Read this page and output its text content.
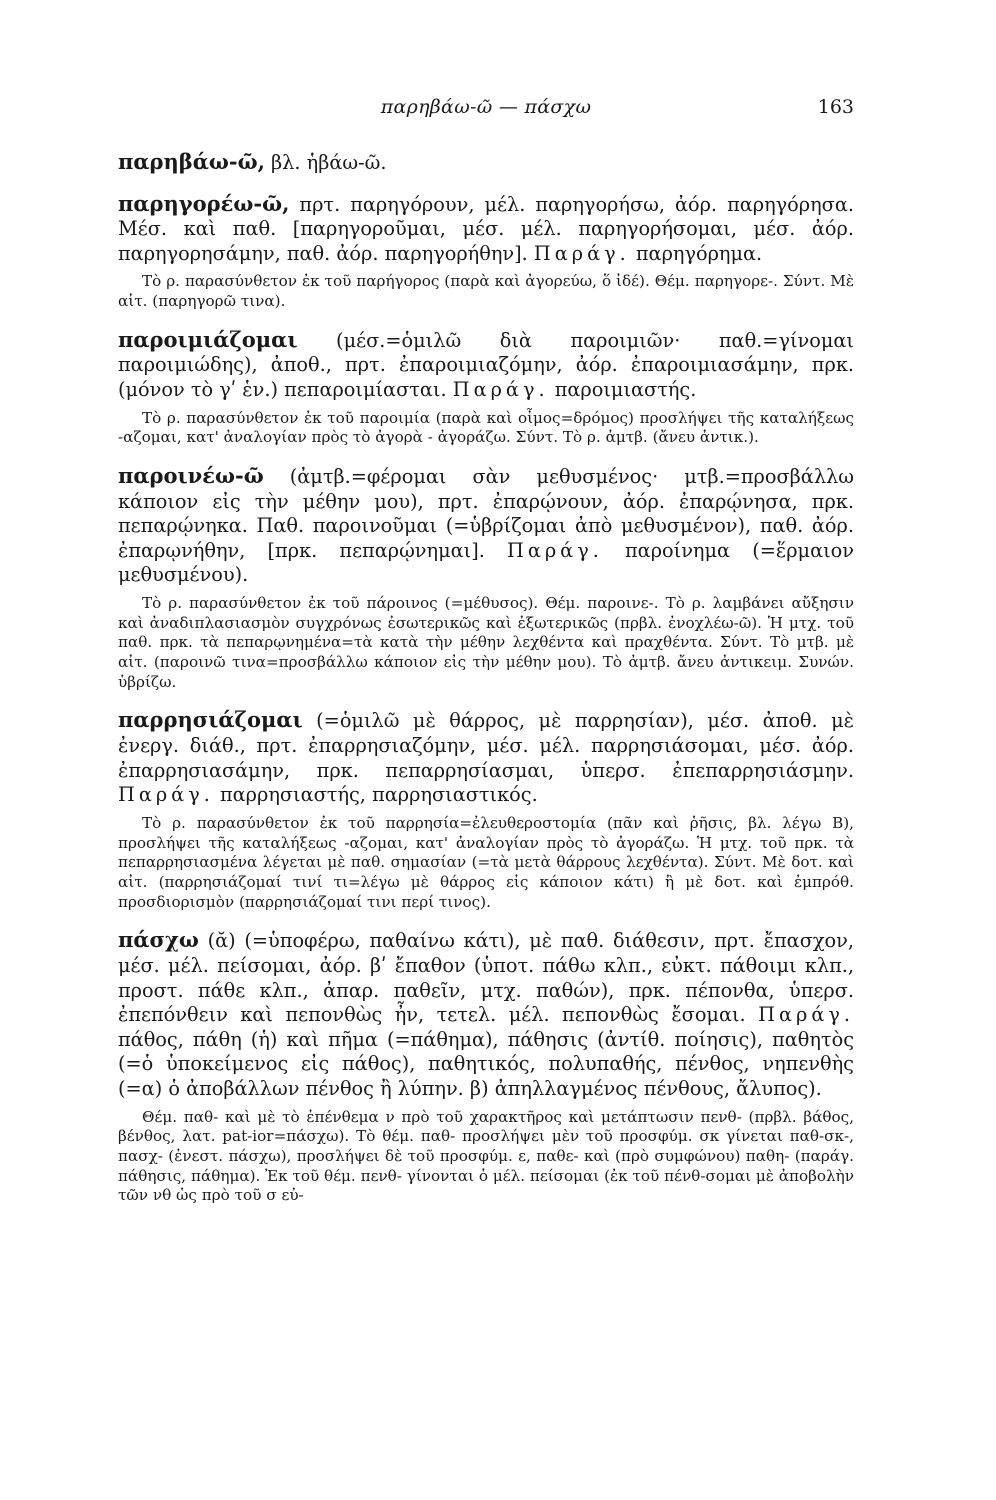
παρηβάω-ῶ — πάσχω	163

παρηβάω-ῶ, βλ. ἡβάω-ῶ.

παρηγορέω-ῶ, πρτ. παρηγόρουν, μέλ. παρηγορήσω, ἀόρ. παρηγόρησα. Μέσ. καὶ παθ. [παρηγοροῦμαι, μέσ. μέλ. παρηγορήσομαι, μέσ. ἀόρ. παρηγορησάμην, παθ. ἀόρ. παρηγορήθην]. Παράγ. παρηγόρημα.

Τὸ ρ. παρασύνθετον ἐκ τοῦ παρήγορος (παρὰ καὶ ἀγορεύω, ὅ ἰδέ). Θέμ. παρηγορε-. Σύντ. Μὲ αἰτ. (παρηγορῶ τινα).

παροιμιάζομαι (μέσ.=ὁμιλῶ διὰ παροιμιῶν· παθ.=γίνομαι παροιμιώδης), ἀποθ., πρτ. ἐπαροιμιαζόμην, ἀόρ. ἐπαροιμιασάμην, πρκ. (μόνον τὸ γʹ ἑν.) πεπαροιμίασται. Παράγ. παροιμιαστής.

Τὸ ρ. παρασύνθετον ἐκ τοῦ παροιμία (παρὰ καὶ οἶμος=δρόμος) προσλήψει τῆς καταλήξεως -αζομαι, κατ' ἀναλογίαν πρὸς τὸ ἀγορὰ - ἀγοράζω. Σύντ. Τὸ ρ. ἀμτβ. (ἄνευ ἀντικ.).

παροινέω-ῶ (ἀμτβ.=φέρομαι σὰν μεθυσμένος· μτβ.=προσβάλλω κάποιον εἰς τὴν μέθην μου), πρτ. ἐπαρῴνουν, ἀόρ. ἐπαρῴνησα, πρκ. πεπαρῴνηκα. Παθ. παροινοῦμαι (=ὑβρίζομαι ἀπὸ μεθυσμένον), παθ. ἀόρ. ἐπαρῳνήθην, [πρκ. πεπαρῴνημαι]. Παράγ. παροίνημα (=ἕρμαιον μεθυσμένου).

Τὸ ρ. παρασύνθετον ἐκ τοῦ πάροινος (=μέθυσος). Θέμ. παροινε-. Τὸ ρ. λαμβάνει αὔξησιν καὶ ἀναδιπλασιασμὸν συγχρόνως ἐσωτερικῶς καὶ ἐξωτερικῶς (πρβλ. ἐνοχλέω-ῶ). Ἡ μτχ. τοῦ παθ. πρκ. τὰ πεπαρῳνημένα=τὰ κατὰ τὴν μέθην λεχθέντα καὶ πραχθέντα. Σύντ. Τὸ μτβ. μὲ αἰτ. (παροινῶ τινα=προσβάλλω κάποιον εἰς τὴν μέθην μου). Τὸ ἀμτβ. ἄνευ ἀντικειμ. Συνών. ὑβρίζω.

παρρησιάζομαι (=ὁμιλῶ μὲ θάρρος, μὲ παρρησίαν), μέσ. ἀποθ. μὲ ἐνεργ. διάθ., πρτ. ἐπαρρησιαζόμην, μέσ. μέλ. παρρησιάσομαι, μέσ. ἀόρ. ἐπαρρησιασάμην, πρκ. πεπαρρησίασμαι, ὑπερσ. ἐπεπαρρησιάσμην. Παράγ. παρρησιαστής, παρρησιαστικός.

Τὸ ρ. παρασύνθετον ἐκ τοῦ παρρησία=ἐλευθεροστομία (πᾶν καὶ ῥῆσις, βλ. λέγω Β), προσλήψει τῆς καταλήξεως -αζομαι, κατ' ἀναλογίαν πρὸς τὸ ἀγοράζω. Ἡ μτχ. τοῦ πρκ. τὰ πεπαρρησιασμένα λέγεται μὲ παθ. σημασίαν (=τὰ μετὰ θάρρους λεχθέντα). Σύντ. Μὲ δοτ. καὶ αἰτ. (παρρησιάζομαί τινί τι=λέγω μὲ θάρρος εἰς κάποιον κάτι) ἢ μὲ δοτ. καὶ ἐμπρόθ. προσδιορισμὸν (παρρησιάζομαί τινι περί τινος).

πάσχω (ᾰ) (=ὑποφέρω, παθαίνω κάτι), μὲ παθ. διάθεσιν, πρτ. ἔπασχον, μέσ. μέλ. πείσομαι, ἀόρ. βʹ ἔπαθον (ὑποτ. πάθω κλπ., εὐκτ. πάθοιμι κλπ., προστ. πάθε κλπ., ἀπαρ. παθεῖν, μτχ. παθών), πρκ. πέπονθα, ὑπερσ. ἐπεπόνθειν καὶ πεπονθὼς ἦν, τετελ. μέλ. πεπονθὼς ἔσομαι. Παράγ. πάθος, πάθη (ἡ) καὶ πῆμα (=πάθημα), πάθησις (ἀντίθ. ποίησις), παθητὸς (=ὁ ὑποκείμενος εἰς πάθος), παθητικός, πολυπαθής, πένθος, νηπενθὴς (=α) ὁ ἀποβάλλων πένθος ἢ λύπην. β) ἀπηλλαγμένος πένθους, ἄλυπος).

Θέμ. παθ- καὶ μὲ τὸ ἐπένθεμα ν πρὸ τοῦ χαρακτῆρος καὶ μετάπτωσιν πενθ- (πρβλ. βάθος, βένθος, λατ. pat-ior=πάσχω). Τὸ θέμ. παθ- προσλήψει μὲν τοῦ προσφύμ. σκ γίνεται παθ-σκ-, πασχ- (ἐνεστ. πάσχω), προσλήψει δὲ τοῦ προσφύμ. ε, παθε- καὶ (πρὸ συμφώνου) παθη- (παράγ. πάθησις, πάθημα). Ἐκ τοῦ θέμ. πενθ- γίνονται ὁ μέλ. πείσομαι (ἐκ τοῦ πένθ-σομαι μὲ ἀποβολὴν τῶν νθ ὡς πρὸ τοῦ σ εὐ-
